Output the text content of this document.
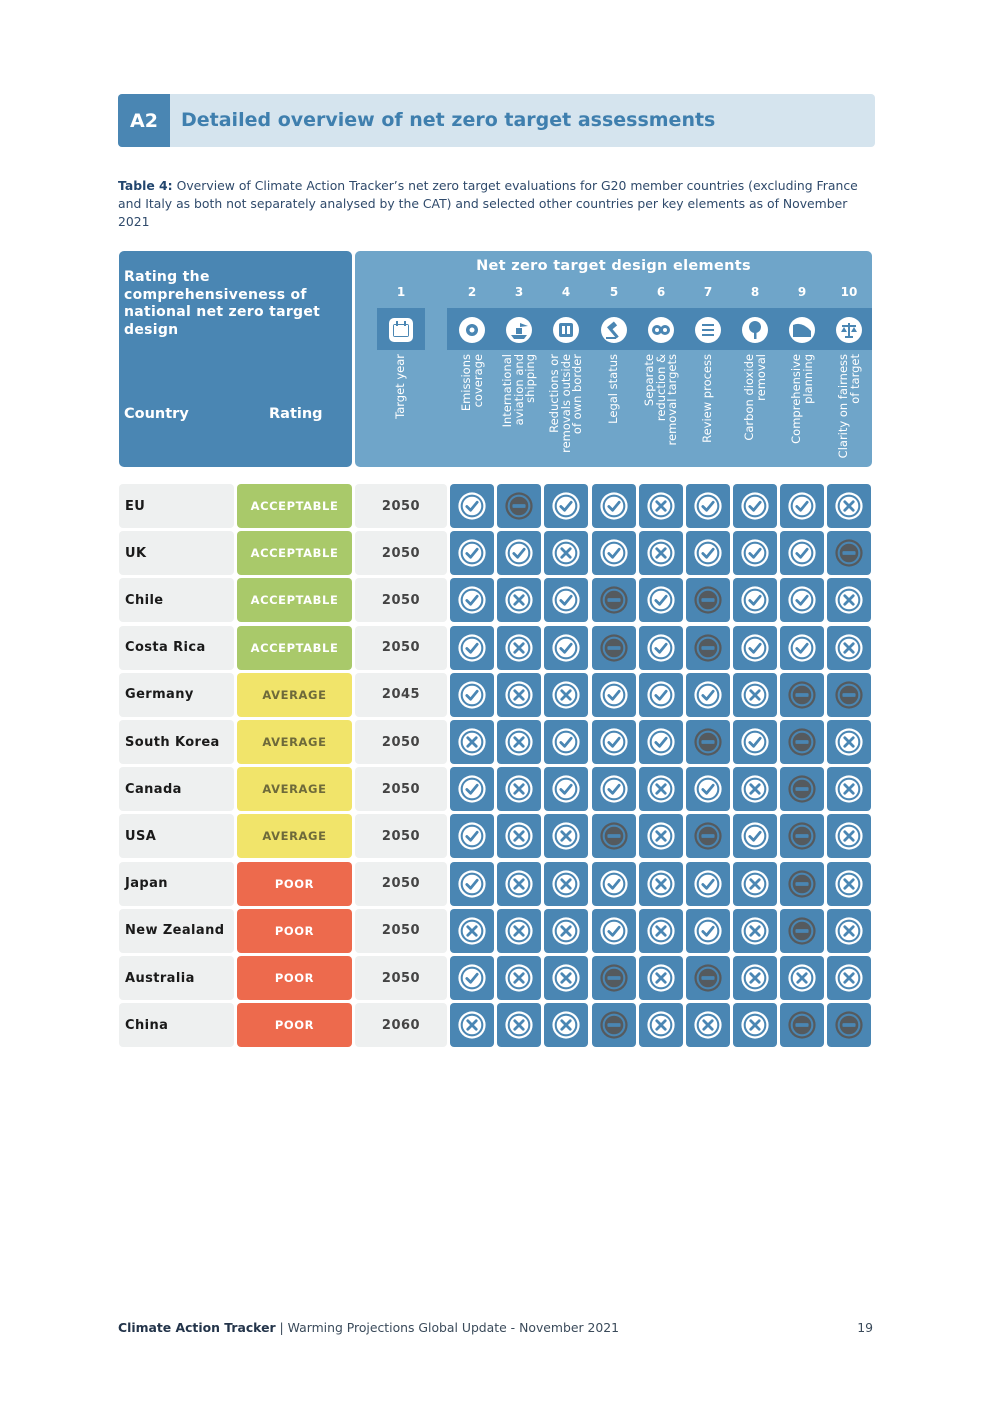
A2	Detailed overview of net zero target assessments
Table 4: Overview of Climate Action Tracker’s net zero target evaluations for G20 member countries (excluding France and Italy as both not separately analysed by the CAT) and selected other countries per key elements as of November 2021
Rating the comprehensiveness of national net zero target design
Country	Rating
Net zero target design elements
1
Target year
2
Emissions
coverage
3
International
aviation and
shipping
4
Reductions or
removals outside
of own border
5
Legal status
6
Separate
reduction &
removal targets
7
Review process
8
Carbon dioxide
removal
9
Comprehensive
planning
10
Clarity on fairness
of target
EU	ACCEPTABLE	2050
UK	ACCEPTABLE	2050
Chile	ACCEPTABLE	2050
Costa Rica	ACCEPTABLE	2050
Germany	AVERAGE	2045
South Korea	AVERAGE	2050
Canada	AVERAGE	2050
USA	AVERAGE	2050
Japan	POOR	2050
New Zealand	POOR	2050
Australia	POOR	2050
China	POOR	2060
Climate Action Tracker | Warming Projections Global Update - November 2021	19
